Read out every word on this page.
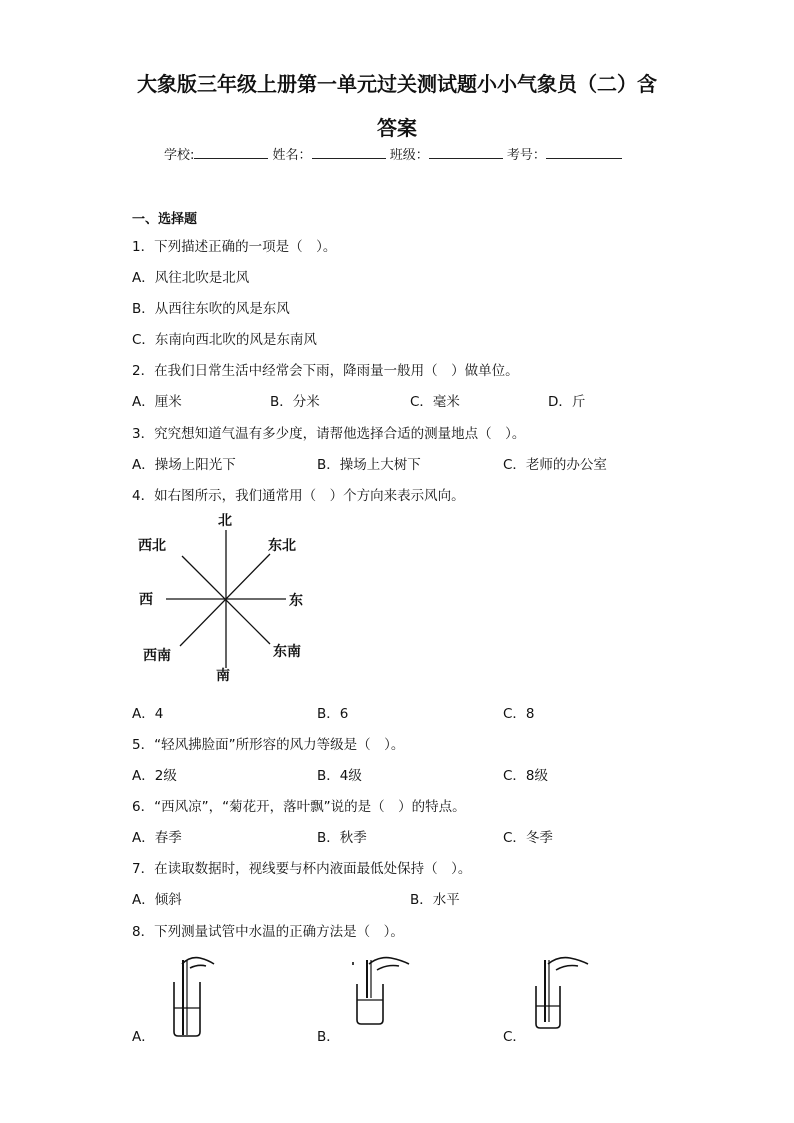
大象版三年级上册第一单元过关测试题小小气象员（二）含
答案
学校:	姓名：	班级：	考号：
一、选择题
1．下列描述正确的一项是（　）。
A．风往北吹是北风
B．从西往东吹的风是东风
C．东南向西北吹的风是东南风
2．在我们日常生活中经常会下雨，降雨量一般用（　）做单位。
A．厘米	B．分米	C．毫米	D．斤
3．究究想知道气温有多少度，请帮他选择合适的测量地点（　）。
A．操场上阳光下	B．操场上大树下	C．老师的办公室
4．如右图所示，我们通常用（　）个方向来表示风向。
北
东北
东
东南
南
西南
西
西北
A．4	B．6	C．8
5．“轻风拂脸面”所形容的风力等级是（　）。
A．2级	B．4级	C．8级
6．“西风凉”，“菊花开，落叶飘”说的是（　）的特点。
A．春季	B．秋季	C．冬季
7．在读取数据时，视线要与杯内液面最低处保持（　）。
A．倾斜	B．水平
8．下列测量试管中水温的正确方法是（　）。
A．	B．	C．
